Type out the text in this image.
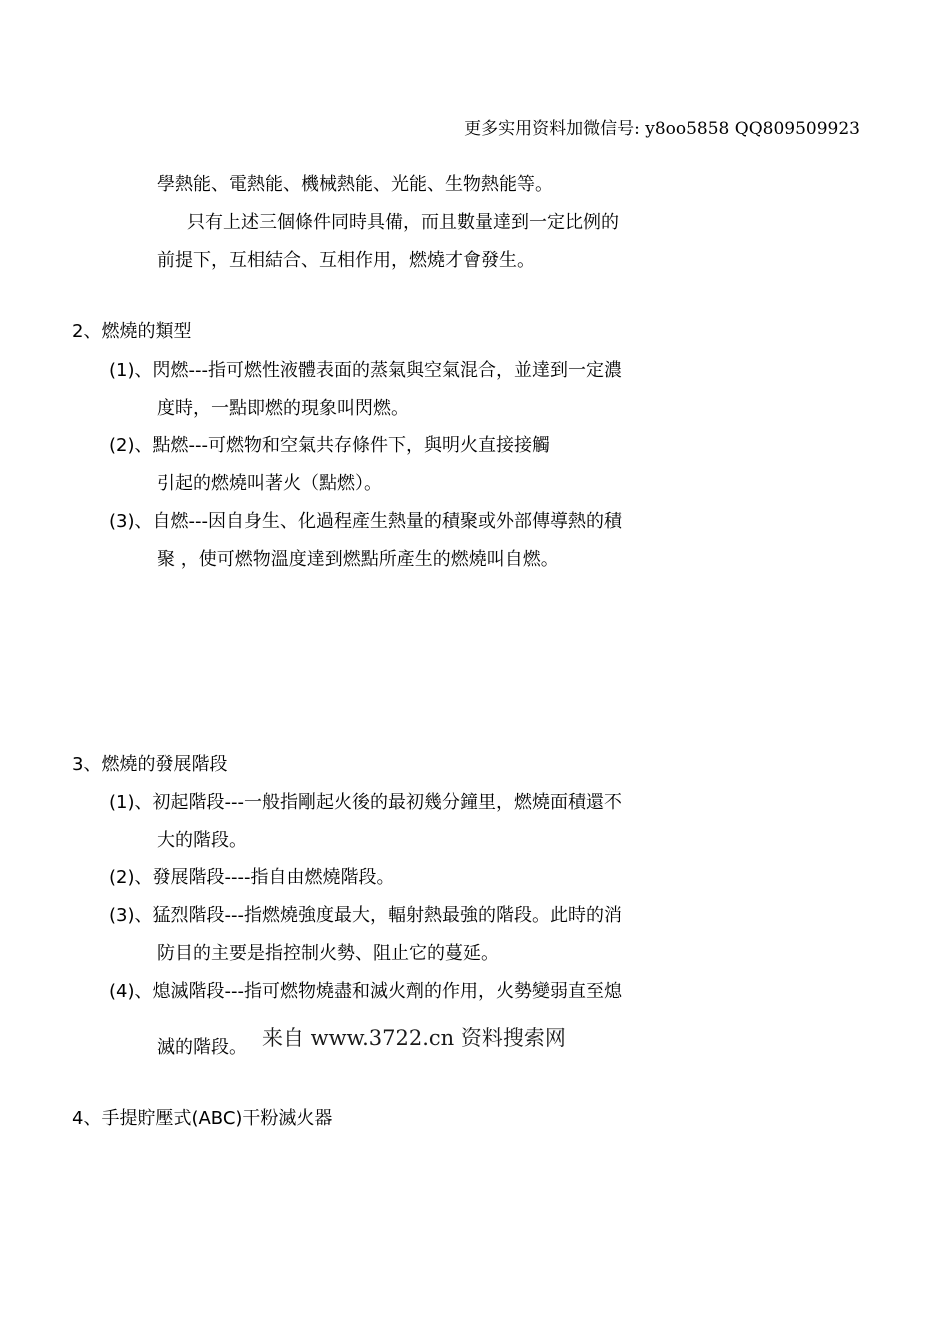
更多实用资料加微信号: y8oo5858 QQ809509923
學熱能、電熱能、機械熱能、光能、生物熱能等。
只有上述三個條件同時具備，而且數量達到一定比例的
前提下，互相結合、互相作用，燃燒才會發生。
2、燃燒的類型
(1)、閃燃---指可燃性液體表面的蒸氣與空氣混合，並達到一定濃
度時，一點即燃的現象叫閃燃。
(2)、點燃---可燃物和空氣共存條件下，與明火直接接觸
引起的燃燒叫著火（點燃）。
(3)、自燃---因自身生、化過程產生熱量的積聚或外部傳導熱的積
聚 ，使可燃物溫度達到燃點所產生的燃燒叫自燃。
3、燃燒的發展階段
(1)、初起階段---一般指剛起火後的最初幾分鐘里，燃燒面積還不
大的階段。
(2)、發展階段----指自由燃燒階段。
(3)、猛烈階段---指燃燒強度最大，輻射熱最強的階段。此時的消
防目的主要是指控制火勢、阻止它的蔓延。
(4)、熄滅階段---指可燃物燒盡和滅火劑的作用，火勢變弱直至熄
滅的階段。 来自 www.3722.cn 资料搜索网
4、手提貯壓式(ABC)干粉滅火器
